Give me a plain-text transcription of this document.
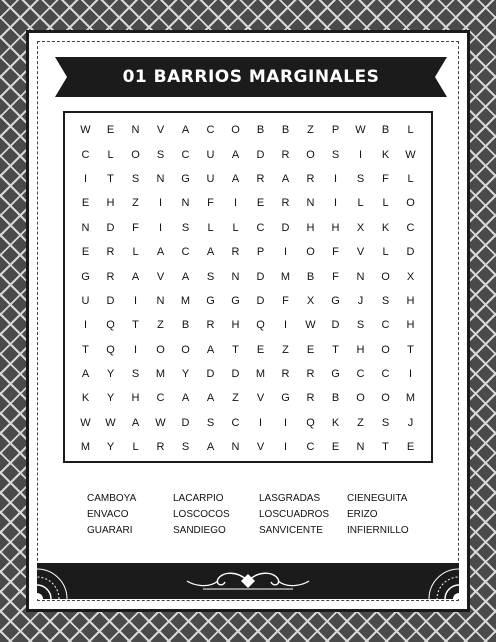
01 BARRIOS MARGINALES
W	E	N	V	A	C	O	B	B	Z	P	W	B	L
C	L	O	S	C	U	A	D	R	O	S	I	K	W
I	T	S	N	G	U	A	R	A	R	I	S	F	L
E	H	Z	I	N	F	I	E	R	N	I	L	L	O
N	D	F	I	S	L	L	C	D	H	H	X	K	C
E	R	L	A	C	A	R	P	I	O	F	V	L	D
G	R	A	V	A	S	N	D	M	B	F	N	O	X
U	D	I	N	M	G	G	D	F	X	G	J	S	H
I	Q	T	Z	B	R	H	Q	I	W	D	S	C	H
T	Q	I	O	O	A	T	E	Z	E	T	H	O	T
A	Y	S	M	Y	D	D	M	R	R	G	C	C	I
K	Y	H	C	A	A	Z	V	G	R	B	O	O	M
W	W	A	W	D	S	C	I	I	Q	K	Z	S	J
M	Y	L	R	S	A	N	V	I	C	E	N	T	E
CAMBOYA	LACARPIO	LASGRADAS	CIENEGUITA
ENVACO	LOSCOCOS	LOSCUADROS	ERIZO
GUARARI	SANDIEGO	SANVICENTE	INFIERNILLO
